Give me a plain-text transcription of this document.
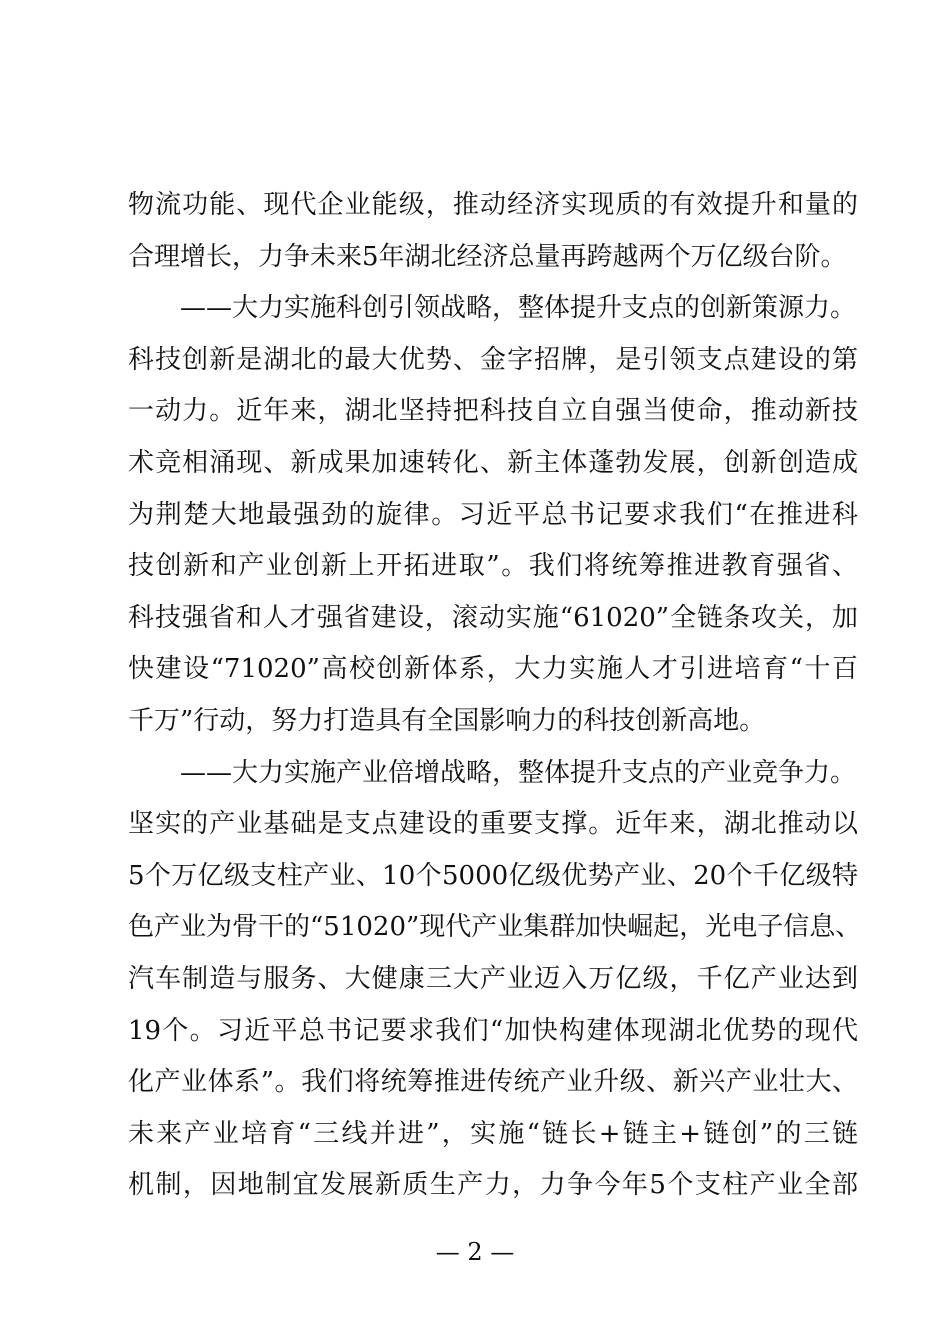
物流功能、现代企业能级，推动经济实现质的有效提升和量的
合理增长，力争未来5年湖北经济总量再跨越两个万亿级台阶。
——大力实施科创引领战略，整体提升支点的创新策源力。
科技创新是湖北的最大优势、金字招牌，是引领支点建设的第
一动力。近年来，湖北坚持把科技自立自强当使命，推动新技
术竞相涌现、新成果加速转化、新主体蓬勃发展，创新创造成
为荆楚大地最强劲的旋律。习近平总书记要求我们“在推进科
技创新和产业创新上开拓进取”。我们将统筹推进教育强省、
科技强省和人才强省建设，滚动实施“61020”全链条攻关，加
快建设“71020”高校创新体系，大力实施人才引进培育“十百
千万”行动，努力打造具有全国影响力的科技创新高地。
——大力实施产业倍增战略，整体提升支点的产业竞争力。
坚实的产业基础是支点建设的重要支撑。近年来，湖北推动以
5个万亿级支柱产业、10个5000亿级优势产业、20个千亿级特
色产业为骨干的“51020”现代产业集群加快崛起，光电子信息、
汽车制造与服务、大健康三大产业迈入万亿级，千亿产业达到
19个。习近平总书记要求我们“加快构建体现湖北优势的现代
化产业体系”。我们将统筹推进传统产业升级、新兴产业壮大、
未来产业培育“三线并进”，实施“链长+链主+链创”的三链
机制，因地制宜发展新质生产力，力争今年5个支柱产业全部
— 2 —
